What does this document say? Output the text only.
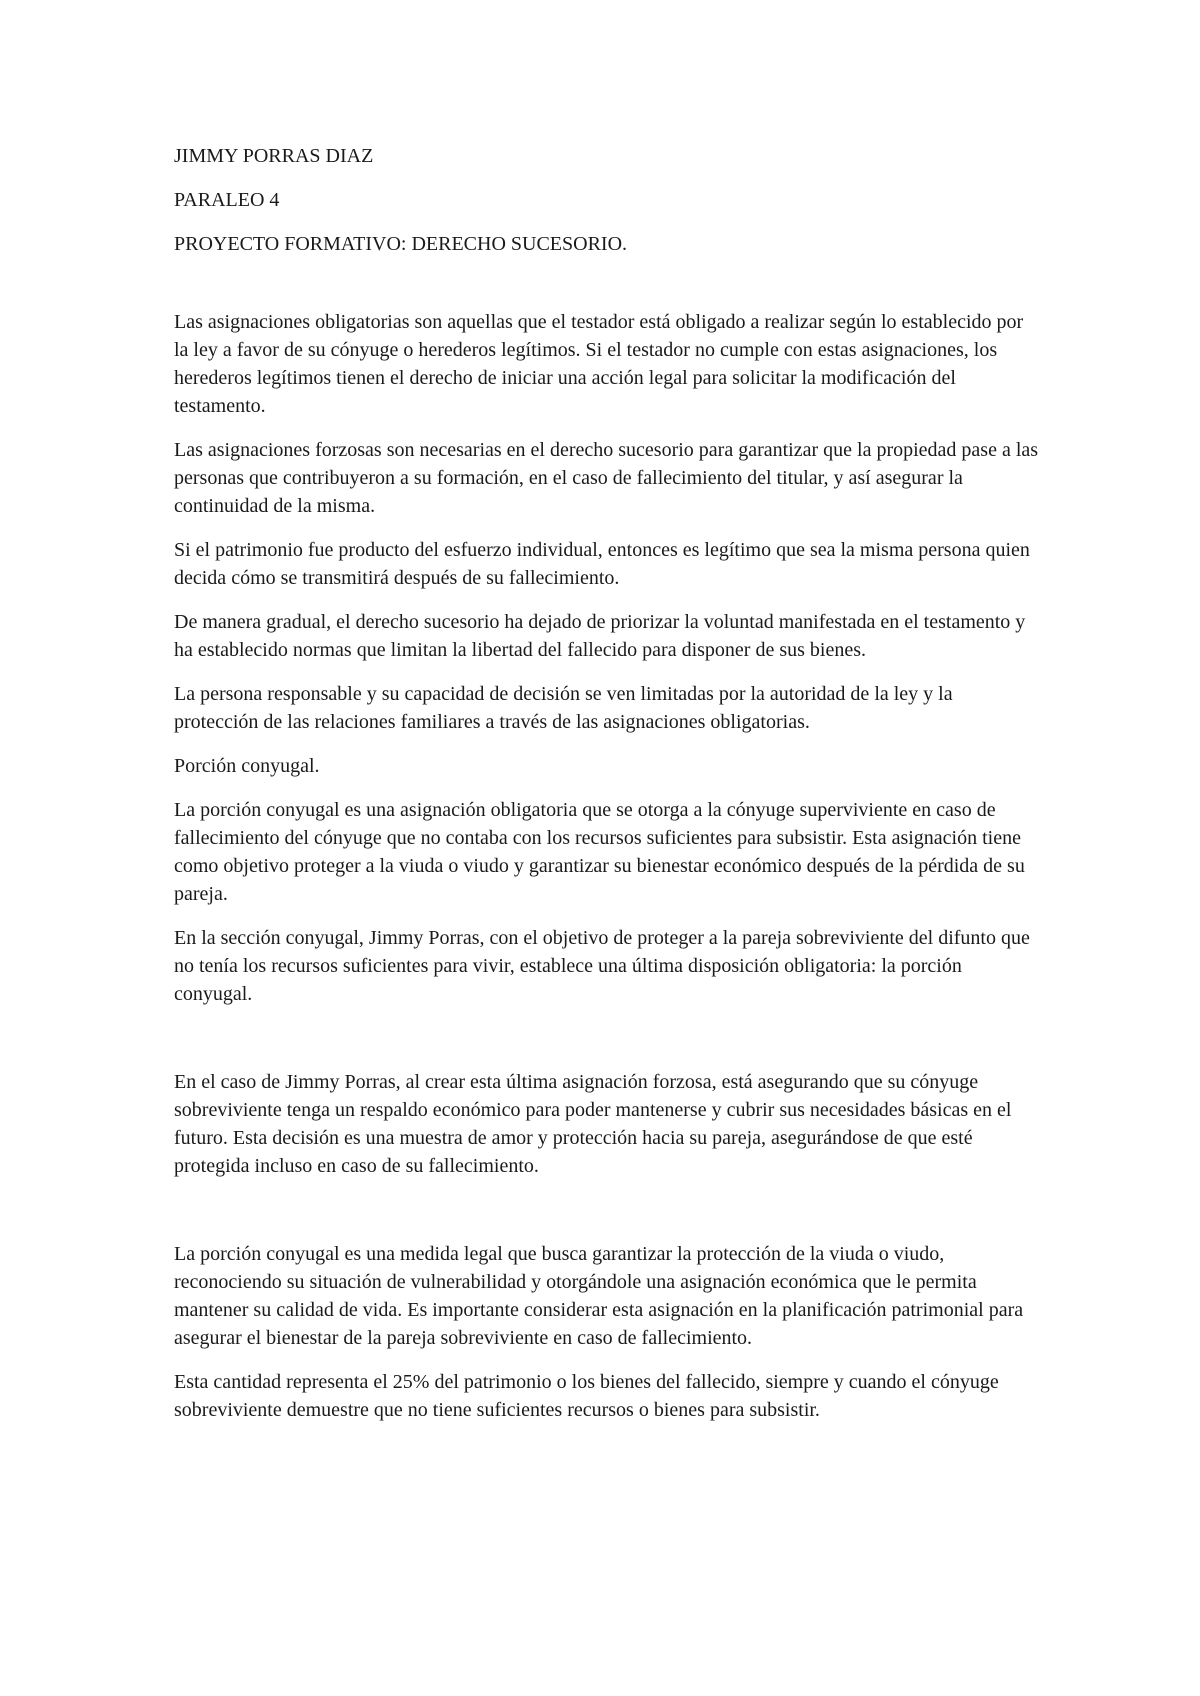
JIMMY PORRAS DIAZ

PARALEO 4

PROYECTO FORMATIVO: DERECHO SUCESORIO.

Las asignaciones obligatorias son aquellas que el testador está obligado a realizar según lo establecido por la ley a favor de su cónyuge o herederos legítimos. Si el testador no cumple con estas asignaciones, los herederos legítimos tienen el derecho de iniciar una acción legal para solicitar la modificación del testamento.

Las asignaciones forzosas son necesarias en el derecho sucesorio para garantizar que la propiedad pase a las personas que contribuyeron a su formación, en el caso de fallecimiento del titular, y así asegurar la continuidad de la misma.

Si el patrimonio fue producto del esfuerzo individual, entonces es legítimo que sea la misma persona quien decida cómo se transmitirá después de su fallecimiento.

De manera gradual, el derecho sucesorio ha dejado de priorizar la voluntad manifestada en el testamento y ha establecido normas que limitan la libertad del fallecido para disponer de sus bienes.

La persona responsable y su capacidad de decisión se ven limitadas por la autoridad de la ley y la protección de las relaciones familiares a través de las asignaciones obligatorias.

Porción conyugal.

La porción conyugal es una asignación obligatoria que se otorga a la cónyuge superviviente en caso de fallecimiento del cónyuge que no contaba con los recursos suficientes para subsistir. Esta asignación tiene como objetivo proteger a la viuda o viudo y garantizar su bienestar económico después de la pérdida de su pareja.

En la sección conyugal, Jimmy Porras, con el objetivo de proteger a la pareja sobreviviente del difunto que no tenía los recursos suficientes para vivir, establece una última disposición obligatoria: la porción conyugal.

En el caso de Jimmy Porras, al crear esta última asignación forzosa, está asegurando que su cónyuge sobreviviente tenga un respaldo económico para poder mantenerse y cubrir sus necesidades básicas en el futuro. Esta decisión es una muestra de amor y protección hacia su pareja, asegurándose de que esté protegida incluso en caso de su fallecimiento.

La porción conyugal es una medida legal que busca garantizar la protección de la viuda o viudo, reconociendo su situación de vulnerabilidad y otorgándole una asignación económica que le permita mantener su calidad de vida. Es importante considerar esta asignación en la planificación patrimonial para asegurar el bienestar de la pareja sobreviviente en caso de fallecimiento.

Esta cantidad representa el 25% del patrimonio o los bienes del fallecido, siempre y cuando el cónyuge sobreviviente demuestre que no tiene suficientes recursos o bienes para subsistir.
